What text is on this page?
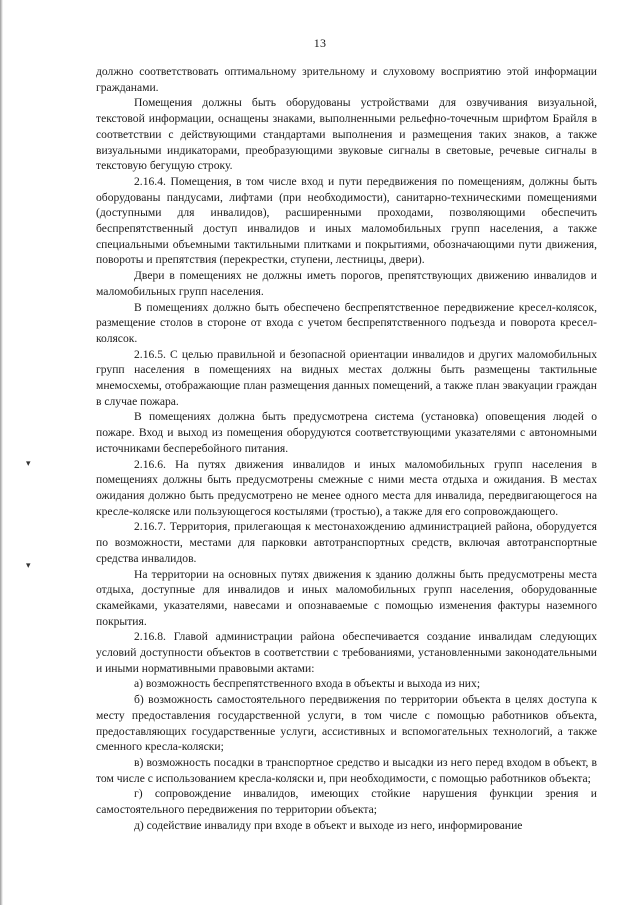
▾
▾
13

должно соответствовать оптимальному зрительному и слуховому восприятию этой информации гражданами.

Помещения должны быть оборудованы устройствами для озвучивания визуальной, текстовой информации, оснащены знаками, выполненными рельефно-точечным шрифтом Брайля в соответствии с действующими стандартами выполнения и размещения таких знаков, а также визуальными индикаторами, преобразующими звуковые сигналы в световые, речевые сигналы в текстовую бегущую строку.

2.16.4. Помещения, в том числе вход и пути передвижения по помещениям, должны быть оборудованы пандусами, лифтами (при необходимости), санитарно-техническими помещениями (доступными для инвалидов), расширенными проходами, позволяющими обеспечить беспрепятственный доступ инвалидов и иных маломобильных групп населения, а также специальными объемными тактильными плитками и покрытиями, обозначающими пути движения, повороты и препятствия (перекрестки, ступени, лестницы, двери).

Двери в помещениях не должны иметь порогов, препятствующих движению инвалидов и маломобильных групп населения.

В помещениях должно быть обеспечено беспрепятственное передвижение кресел-колясок, размещение столов в стороне от входа с учетом беспрепятственного подъезда и поворота кресел-колясок.

2.16.5. С целью правильной и безопасной ориентации инвалидов и других маломобильных групп населения в помещениях на видных местах должны быть размещены тактильные мнемосхемы, отображающие план размещения данных помещений, а также план эвакуации граждан в случае пожара.

В помещениях должна быть предусмотрена система (установка) оповещения людей о пожаре. Вход и выход из помещения оборудуются соответствующими указателями с автономными источниками бесперебойного питания.

2.16.6. На путях движения инвалидов и иных маломобильных групп населения в помещениях должны быть предусмотрены смежные с ними места отдыха и ожидания. В местах ожидания должно быть предусмотрено не менее одного места для инвалида, передвигающегося на кресле-коляске или пользующегося костылями (тростью), а также для его сопровождающего.

2.16.7. Территория, прилегающая к местонахождению администрацией района, оборудуется по возможности, местами для парковки автотранспортных средств, включая автотранспортные средства инвалидов.

На территории на основных путях движения к зданию должны быть предусмотрены места отдыха, доступные для инвалидов и иных маломобильных групп населения, оборудованные скамейками, указателями, навесами и опознаваемые с помощью изменения фактуры наземного покрытия.

2.16.8. Главой администрации района обеспечивается создание инвалидам следующих условий доступности объектов в соответствии с требованиями, установленными законодательными и иными нормативными правовыми актами:

а) возможность беспрепятственного входа в объекты и выхода из них;

б) возможность самостоятельного передвижения по территории объекта в целях доступа к месту предоставления государственной услуги, в том числе с помощью работников объекта, предоставляющих государственные услуги, ассистивных и вспомогательных технологий, а также сменного кресла-коляски;

в) возможность посадки в транспортное средство и высадки из него перед входом в объект, в том числе с использованием кресла-коляски и, при необходимости, с помощью работников объекта;

г) сопровождение инвалидов, имеющих стойкие нарушения функции зрения и самостоятельного передвижения по территории объекта;

д) содействие инвалиду при входе в объект и выходе из него, информирование
